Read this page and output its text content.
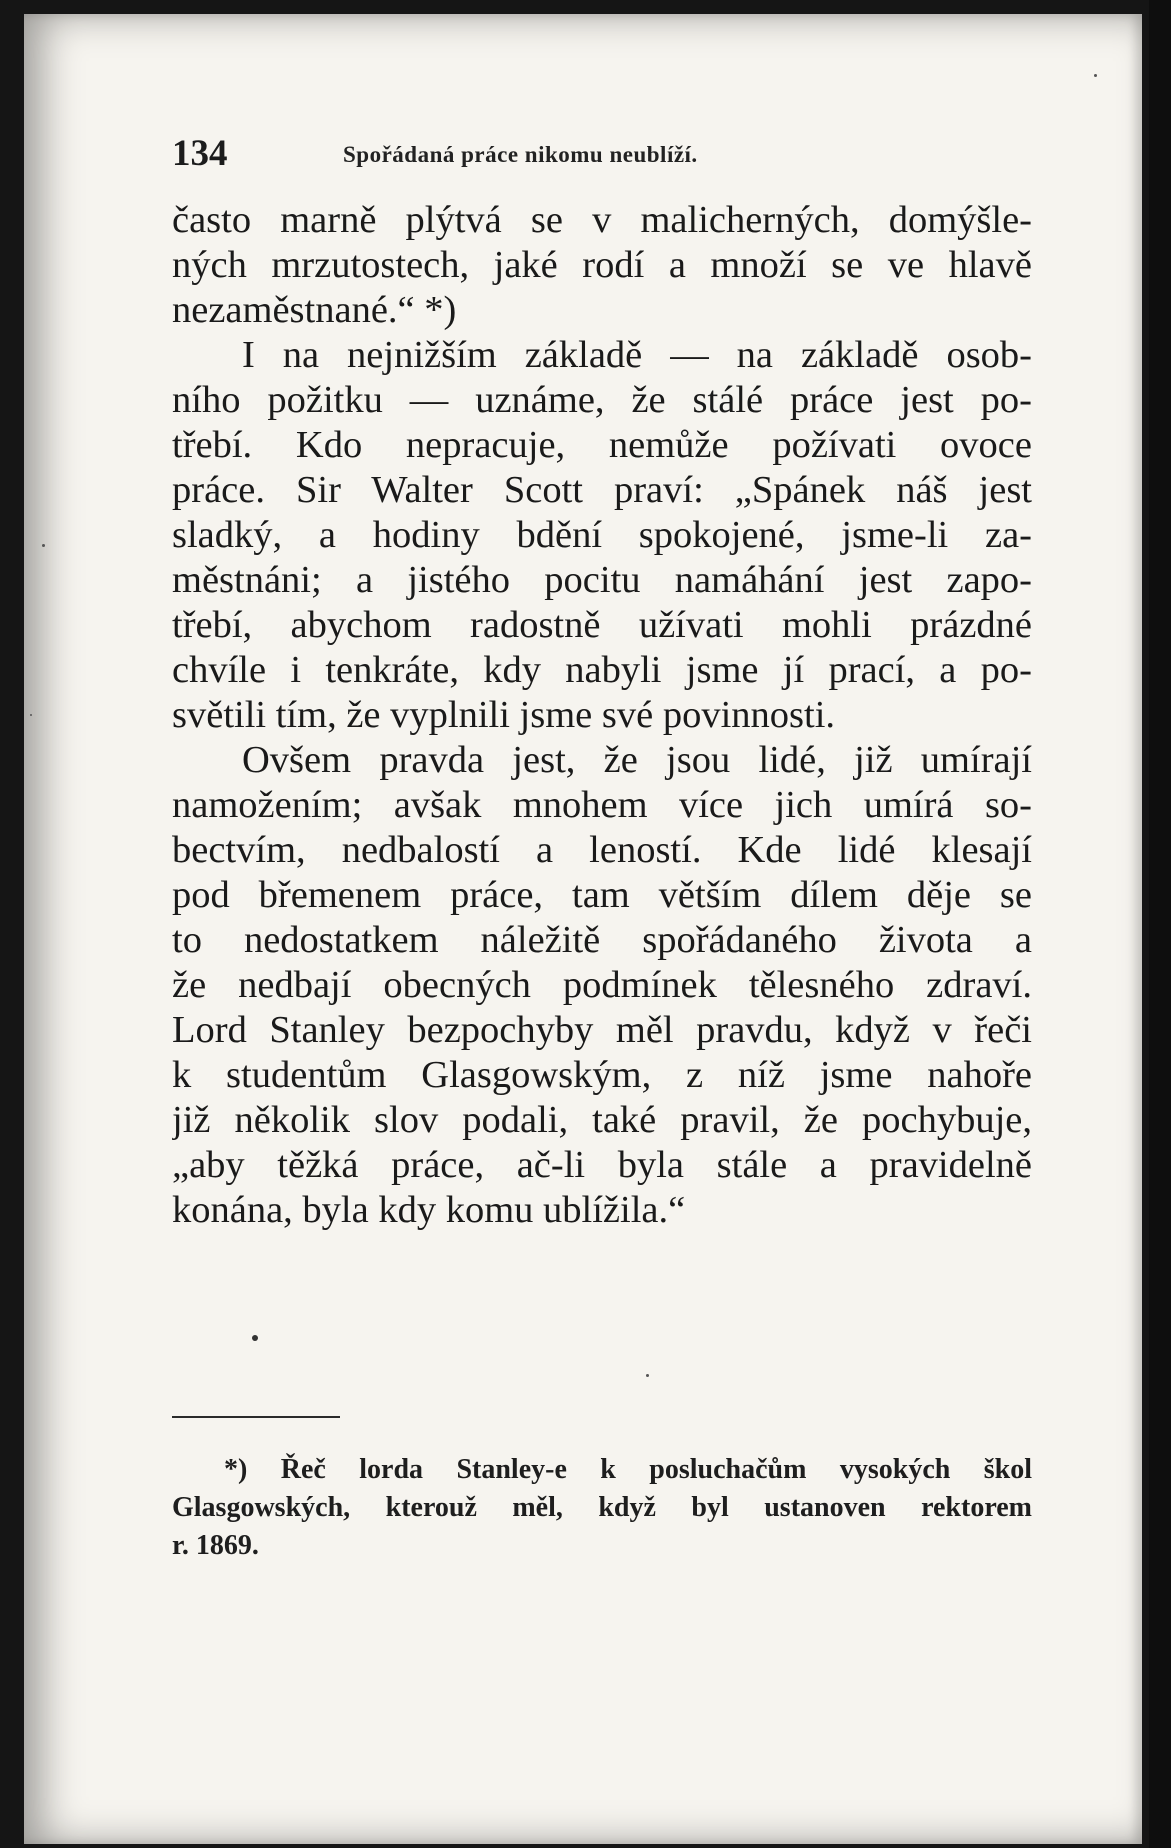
134	Spořádaná práce nikomu neublíží.
často marně plýtvá se v malicherných, domýšle-
ných mrzutostech, jaké rodí a množí se ve hlavě
nezaměstnané.“ *)
I na nejnižším základě — na základě osob-
ního požitku — uznáme, že stálé práce jest po-
třebí. Kdo nepracuje, nemůže požívati ovoce
práce. Sir Walter Scott praví: „Spánek náš jest
sladký, a hodiny bdění spokojené, jsme-li za-
městnáni; a jistého pocitu namáhání jest zapo-
třebí, abychom radostně užívati mohli prázdné
chvíle i tenkráte, kdy nabyli jsme jí prací, a po-
světili tím, že vyplnili jsme své povinnosti.
Ovšem pravda jest, že jsou lidé, již umírají
namožením; avšak mnohem více jich umírá so-
bectvím, nedbalostí a leností. Kde lidé klesají
pod břemenem práce, tam větším dílem děje se
to nedostatkem náležitě spořádaného života a
že nedbají obecných podmínek tělesného zdraví.
Lord Stanley bezpochyby měl pravdu, když v řeči
k studentům Glasgowským, z níž jsme nahoře
již několik slov podali, také pravil, že pochybuje,
„aby těžká práce, ač-li byla stále a pravidelně
konána, byla kdy komu ublížila.“
*) Řeč lorda Stanley-e k posluchačům vysokých škol
Glasgowských, kterouž měl, když byl ustanoven rektorem
r. 1869.
